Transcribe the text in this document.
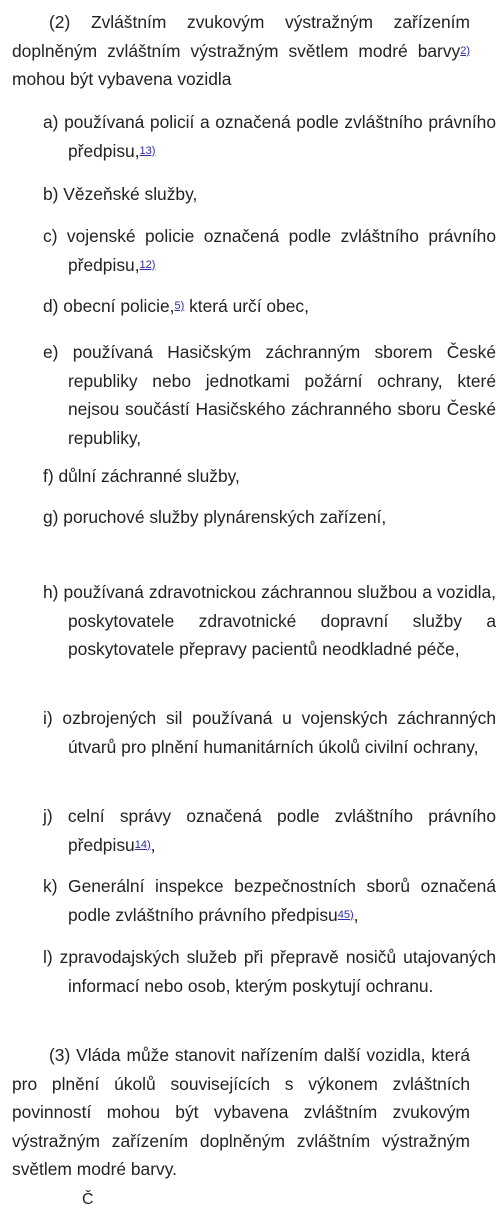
(2) Zvláštním zvukovým výstražným zařízením doplněným zvláštním výstražným světlem modré barvy2) mohou být vybavena vozidla

a) používaná policií a označená podle zvláštního právního předpisu,13)

b) Vězeňské služby,

c) vojenské policie označená podle zvláštního právního předpisu,12)

d) obecní policie,5) která určí obec,

e) používaná Hasičským záchranným sborem České republiky nebo jednotkami požární ochrany, které nejsou součástí Hasičského záchranného sboru České republiky,

f) důlní záchranné služby,

g) poruchové služby plynárenských zařízení,

h) používaná zdravotnickou záchrannou službou a vozidla, poskytovatele zdravotnické dopravní služby a poskytovatele přepravy pacientů neodkladné péče,

i) ozbrojených sil používaná u vojenských záchranných útvarů pro plnění humanitárních úkolů civilní ochrany,

j) celní správy označená podle zvláštního právního předpisu14),

k) Generální inspekce bezpečnostních sborů označená podle zvláštního právního předpisu45),

l) zpravodajských služeb při přepravě nosičů utajovaných informací nebo osob, kterým poskytují ochranu.

(3) Vláda může stanovit nařízením další vozidla, která pro plnění úkolů souvisejících s výkonem zvláštních povinností mohou být vybavena zvláštním zvukovým výstražným zařízením doplněným zvláštním výstražným světlem modré barvy.

Č
